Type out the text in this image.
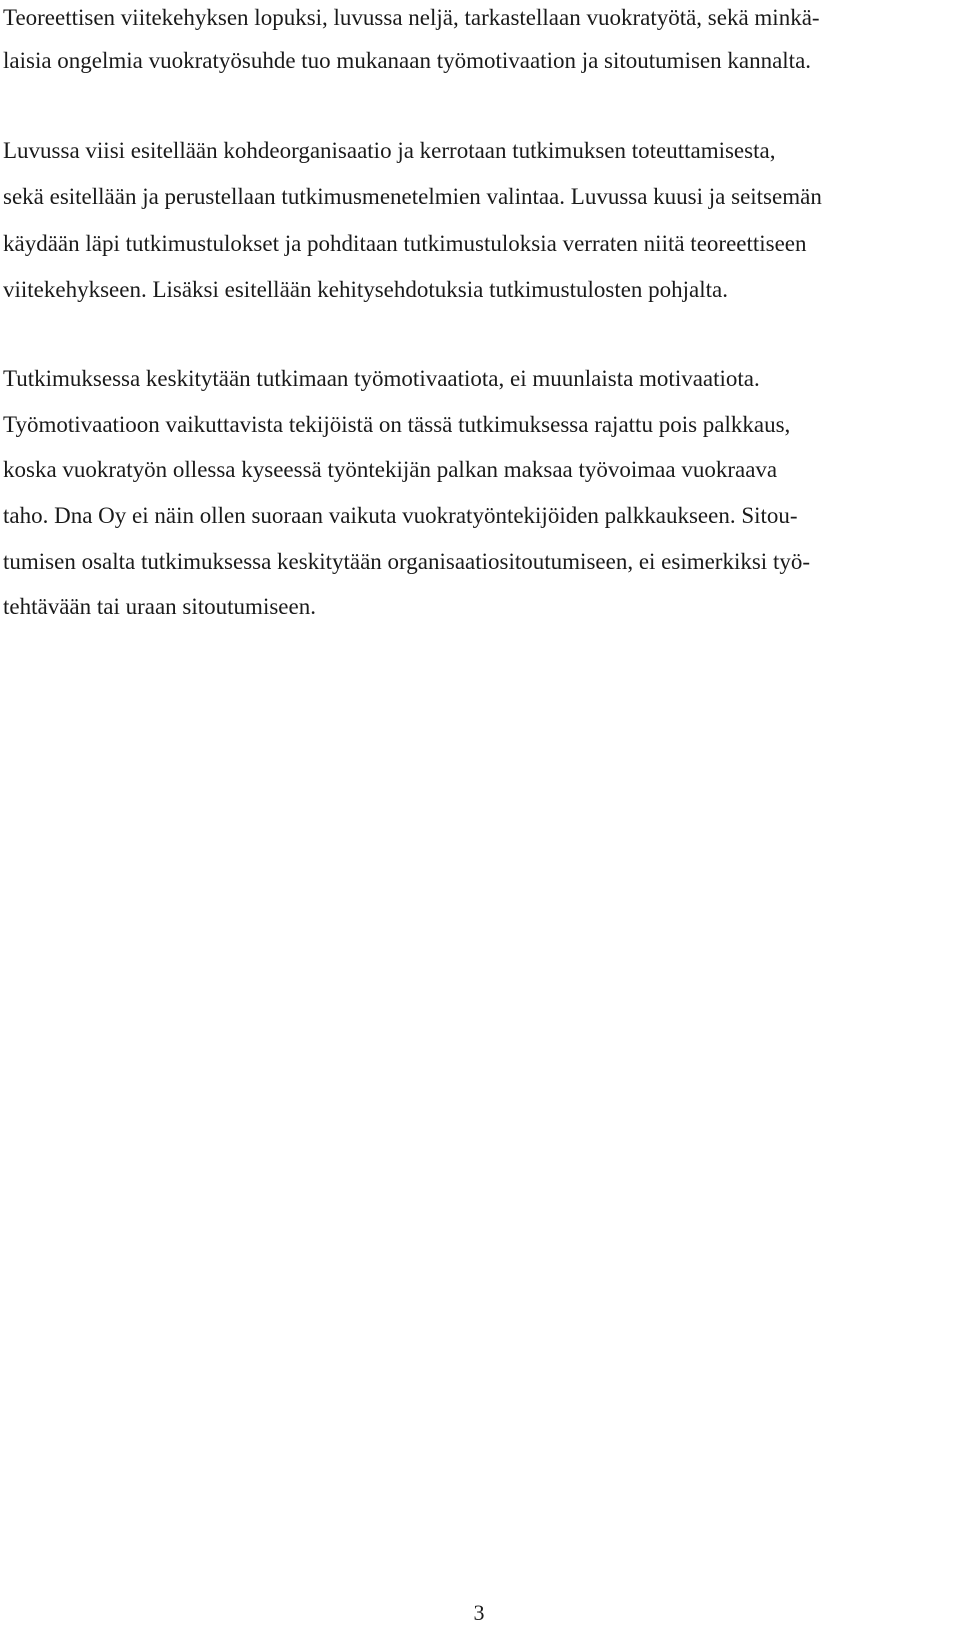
Teoreettisen viitekehyksen lopuksi, luvussa neljä, tarkastellaan vuokratyötä, sekä minkä-

laisia ongelmia vuokratyösuhde tuo mukanaan työmotivaation ja sitoutumisen kannalta.

Luvussa viisi esitellään kohdeorganisaatio ja kerrotaan tutkimuksen toteuttamisesta,

sekä esitellään ja perustellaan tutkimusmenetelmien valintaa. Luvussa kuusi ja seitsemän

käydään läpi tutkimustulokset ja pohditaan tutkimustuloksia verraten niitä teoreettiseen

viitekehykseen. Lisäksi esitellään kehitysehdotuksia tutkimustulosten pohjalta.

Tutkimuksessa keskitytään tutkimaan työmotivaatiota, ei muunlaista motivaatiota.

Työmotivaatioon vaikuttavista tekijöistä on tässä tutkimuksessa rajattu pois palkkaus,

koska vuokratyön ollessa kyseessä työntekijän palkan maksaa työvoimaa vuokraava

taho. Dna Oy ei näin ollen suoraan vaikuta vuokratyöntekijöiden palkkaukseen. Sitou-

tumisen osalta tutkimuksessa keskitytään organisaatiositoutumiseen, ei esimerkiksi työ-

tehtävään tai uraan sitoutumiseen.

3
